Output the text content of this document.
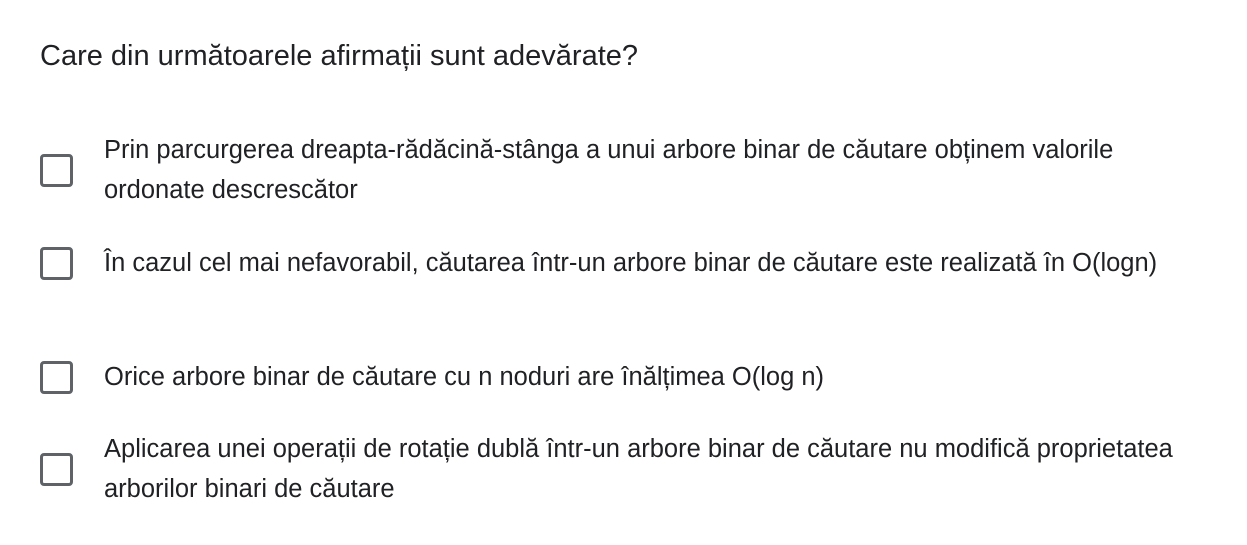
Care din următoarele afirmații sunt adevărate?
Prin parcurgerea dreapta-rădăcină-stânga a unui arbore binar de căutare obținem valorile ordonate descrescător
În cazul cel mai nefavorabil, căutarea într-un arbore binar de căutare este realizată în O(logn)
Orice arbore binar de căutare cu n noduri are înălțimea O(log n)
Aplicarea unei operații de rotație dublă într-un arbore binar de căutare nu modifică proprietatea arborilor binari de căutare
